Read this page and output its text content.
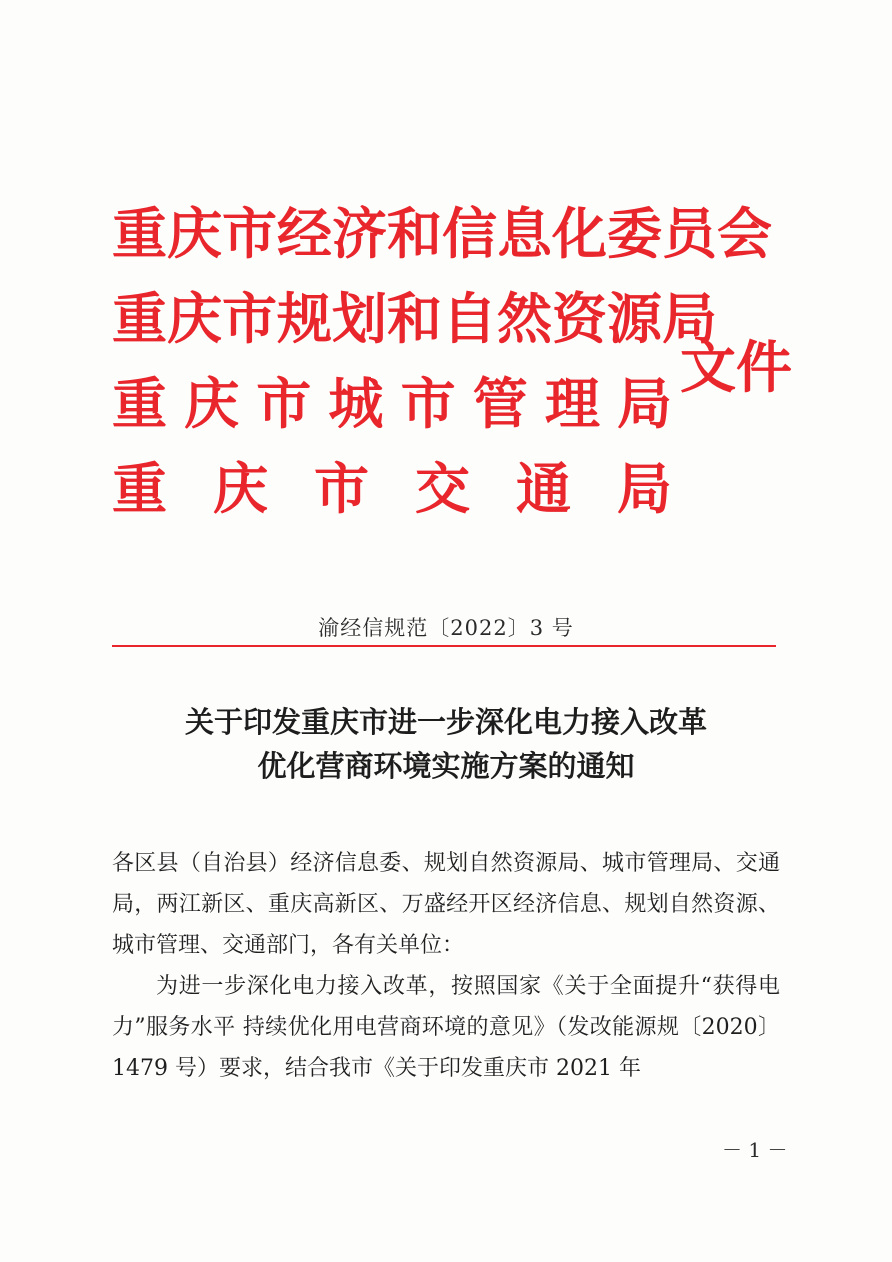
重庆市经济和信息化委员会
重庆市规划和自然资源局
重 庆 市 城 市 管 理 局
重 庆 市 交 通 局
文件
渝经信规范〔2022〕3 号
关于印发重庆市进一步深化电力接入改革
优化营商环境实施方案的通知

各区县（自治县）经济信息委、规划自然资源局、城市管理局、交通局，两江新区、重庆高新区、万盛经开区经济信息、规划自然资源、城市管理、交通部门，各有关单位：

为进一步深化电力接入改革，按照国家《关于全面提升“获得电力”服务水平 持续优化用电营商环境的意见》（发改能源规〔2020〕1479 号）要求，结合我市《关于印发重庆市 2021 年

－ 1 －
